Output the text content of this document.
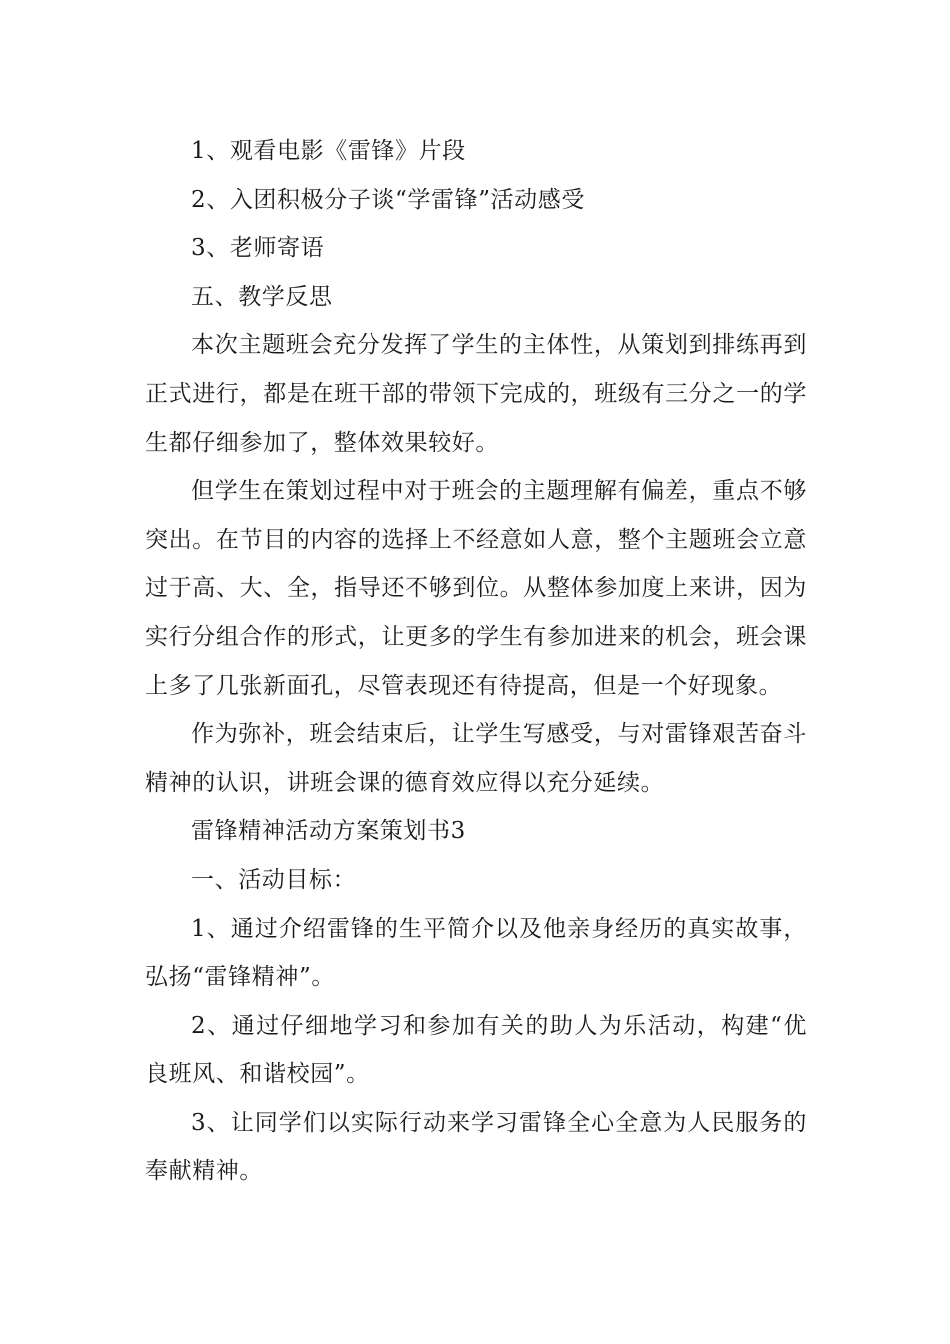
1、观看电影《雷锋》片段

2、入团积极分子谈“学雷锋”活动感受

3、老师寄语

五、教学反思

本次主题班会充分发挥了学生的主体性，从策划到排练再到正式进行，都是在班干部的带领下完成的，班级有三分之一的学生都仔细参加了，整体效果较好。

但学生在策划过程中对于班会的主题理解有偏差，重点不够突出。在节目的内容的选择上不经意如人意，整个主题班会立意过于高、大、全，指导还不够到位。从整体参加度上来讲，因为实行分组合作的形式，让更多的学生有参加进来的机会，班会课上多了几张新面孔，尽管表现还有待提高，但是一个好现象。

作为弥补，班会结束后，让学生写感受，与对雷锋艰苦奋斗精神的认识，讲班会课的德育效应得以充分延续。

雷锋精神活动方案策划书3

一、活动目标：

1、通过介绍雷锋的生平简介以及他亲身经历的真实故事，弘扬“雷锋精神”。

2、通过仔细地学习和参加有关的助人为乐活动，构建“优良班风、和谐校园”。

3、让同学们以实际行动来学习雷锋全心全意为人民服务的奉献精神。
